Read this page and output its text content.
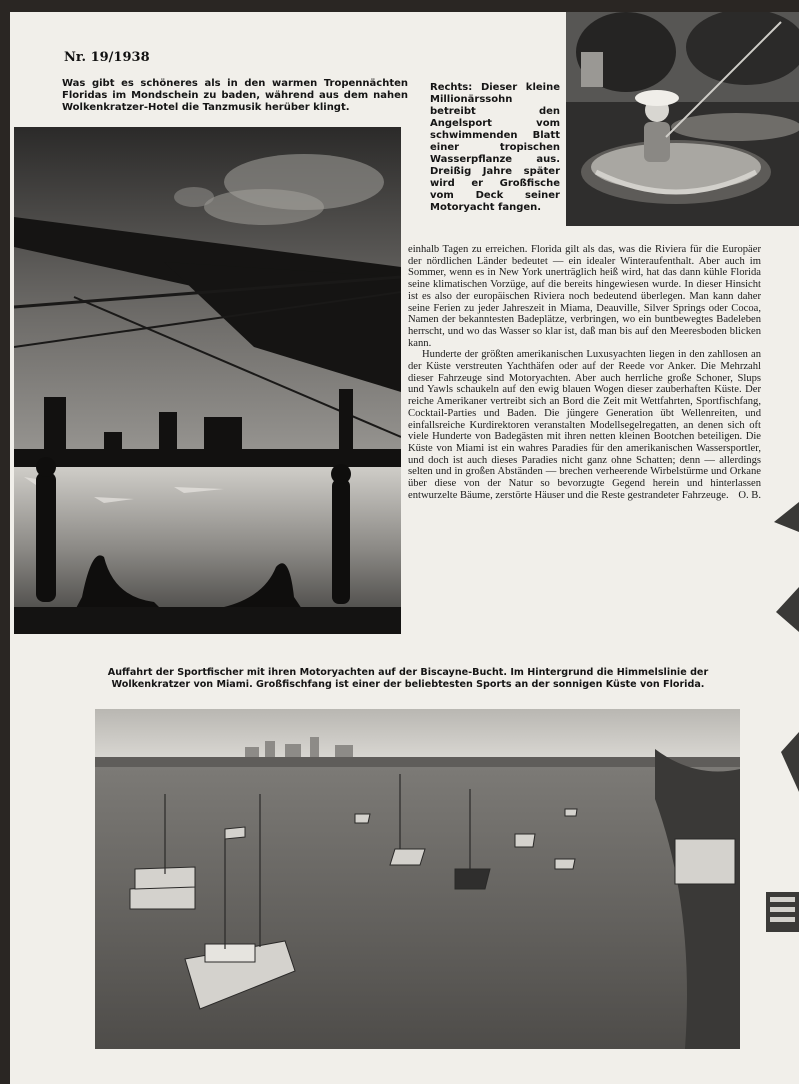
Nr. 19/1938
Was gibt es schöneres als in den warmen Tropennächten Floridas im Mondschein zu baden, während aus dem nahen Wolkenkratzer-Hotel die Tanzmusik herüber klingt.
Rechts: Dieser kleine Millionärssohn betreibt den Angelsport vom schwimmenden Blatt einer tropischen Wasserpflanze aus. Dreißig Jahre später wird er Großfische vom Deck seiner Motoryacht fangen.

einhalb Tagen zu erreichen. Florida gilt als das, was die Riviera für die Europäer der nördlichen Länder bedeutet — ein idealer Winteraufenthalt. Aber auch im Sommer, wenn es in New York unerträglich heiß wird, hat das dann kühle Florida seine klimatischen Vorzüge, auf die bereits hingewiesen wurde. In dieser Hinsicht ist es also der europäischen Riviera noch bedeutend überlegen. Man kann daher seine Ferien zu jeder Jahreszeit in Miama, Deauville, Silver Springs oder Cocoa, Namen der bekanntesten Badeplätze, verbringen, wo ein buntbewegtes Badeleben herrscht, und wo das Wasser so klar ist, daß man bis auf den Meeresboden blicken kann.

Hunderte der größten amerikanischen Luxusyachten liegen in den zahllosen an der Küste verstreuten Yachthäfen oder auf der Reede vor Anker. Die Mehrzahl dieser Fahrzeuge sind Motoryachten. Aber auch herrliche große Schoner, Slups und Yawls schaukeln auf den ewig blauen Wogen dieser zauberhaften Küste. Der reiche Amerikaner vertreibt sich an Bord die Zeit mit Wettfahrten, Sportfischfang, Cocktail-Parties und Baden. Die jüngere Generation übt Wellenreiten, und einfallsreiche Kurdirektoren veranstalten Modellsegelregatten, an denen sich oft viele Hunderte von Badegästen mit ihren netten kleinen Bootchen beteiligen. Die Küste von Miami ist ein wahres Paradies für den amerikanischen Wassersportler, und doch ist auch dieses Paradies nicht ganz ohne Schatten; denn — allerdings selten und in großen Abständen — brechen verheerende Wirbelstürme und Orkane über diese von der Natur so bevorzugte Gegend herein und hinterlassen entwurzelte Bäume, zerstörte Häuser und die Reste gestrandeter Fahrzeuge. O. B.
Auffahrt der Sportfischer mit ihren Motoryachten auf der Biscayne-Bucht. Im Hintergrund die Himmelslinie der Wolkenkratzer von Miami. Großfischfang ist einer der beliebtesten Sports an der sonnigen Küste von Florida.
